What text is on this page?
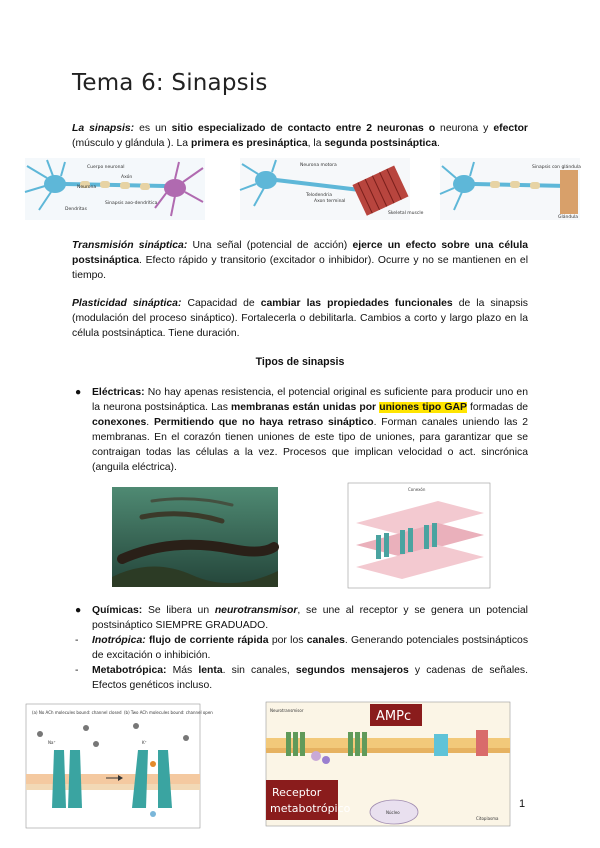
Tema 6: Sinapsis
La sinapsis: es un sitio especializado de contacto entre 2 neuronas o neurona y efector (músculo y glándula ). La primera es presináptica, la segunda postsináptica.
Cuerpo neuronal
Neurona
Axón
Dendritas
Sinapsis axo-dendrítica
Neurona motora
Axon terminal
Telodendria
Skeletal muscle
Sinapsis con glándula
Glándula
Transmisión sináptica: Una señal (potencial de acción) ejerce un efecto sobre una célula postsináptica. Efecto rápido y transitorio (excitador o inhibidor). Ocurre y no se mantienen en el tiempo.
Plasticidad sináptica: Capacidad de cambiar las propiedades funcionales de la sinapsis (modulación del proceso sináptico). Fortalecerla o debilitarla. Cambios a corto y largo plazo en la célula postsináptica. Tiene duración.
Tipos de sinapsis
● Eléctricas: No hay apenas resistencia, el potencial original es suficiente para producir uno en la neurona postsináptica. Las membranas están unidas por uniones tipo GAP formadas de conexones. Permitiendo que no haya retraso sináptico. Forman canales uniendo las 2 membranas. En el corazón tienen uniones de este tipo de uniones, para garantizar que se contraigan todas las células a la vez. Procesos que implican velocidad o act. sincrónica (anguila eléctrica).
Conexón
● Químicas: Se libera un neurotransmisor, se une al receptor y se genera un potencial postsináptico SIEMPRE GRADUADO.
- Inotrópica: flujo de corriente rápida por los canales. Generando potenciales postsinápticos de excitación o inhibición.
- Metabotrópica: Más lenta. sin canales, segundos mensajeros y cadenas de señales. Efectos genéticos incluso.
(a) No ACh molecules bound: channel closed (b) Two ACh molecules bound: channel open
Na⁺	K⁺
AMPc
Receptor
metabotrópico
Neurotransmisor
Núcleo
Citoplasma
1
